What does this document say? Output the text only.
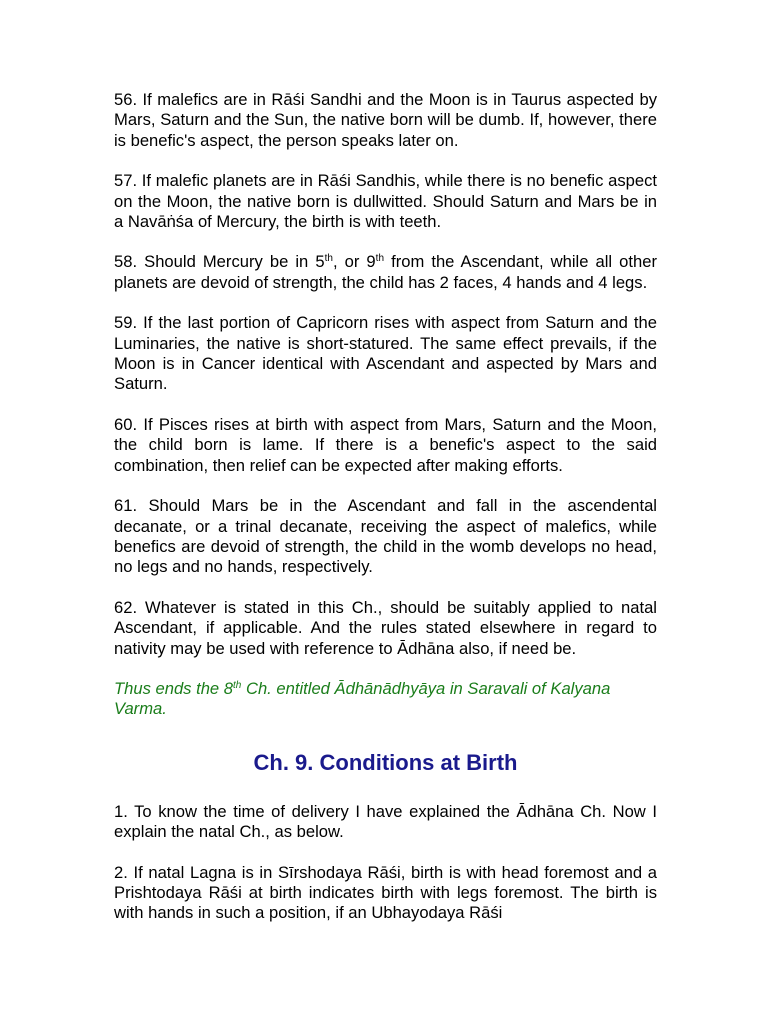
56. If malefics are in Rāśi Sandhi and the Moon is in Taurus aspected by Mars, Saturn and the Sun, the native born will be dumb. If, however, there is benefic's aspect, the person speaks later on.

57. If malefic planets are in Rāśi Sandhis, while there is no benefic aspect on the Moon, the native born is dullwitted. Should Saturn and Mars be in a Navāṅśa of Mercury, the birth is with teeth.

58. Should Mercury be in 5th, or 9th from the Ascendant, while all other planets are devoid of strength, the child has 2 faces, 4 hands and 4 legs.

59. If the last portion of Capricorn rises with aspect from Saturn and the Luminaries, the native is short-statured. The same effect prevails, if the Moon is in Cancer identical with Ascendant and aspected by Mars and Saturn.

60. If Pisces rises at birth with aspect from Mars, Saturn and the Moon, the child born is lame. If there is a benefic's aspect to the said combination, then relief can be expected after making efforts.

61. Should Mars be in the Ascendant and fall in the ascendental decanate, or a trinal decanate, receiving the aspect of malefics, while benefics are devoid of strength, the child in the womb develops no head, no legs and no hands, respectively.

62. Whatever is stated in this Ch., should be suitably applied to natal Ascendant, if applicable. And the rules stated elsewhere in regard to nativity may be used with reference to Ādhāna also, if need be.

Thus ends the 8th Ch. entitled Ādhānādhyāya in Saravali of Kalyana Varma.

Ch. 9. Conditions at Birth

1. To know the time of delivery I have explained the Ādhāna Ch. Now I explain the natal Ch., as below.

2. If natal Lagna is in Sīrshodaya Rāśi, birth is with head foremost and a Prishtodaya Rāśi at birth indicates birth with legs foremost. The birth is with hands in such a position, if an Ubhayodaya Rāśi
